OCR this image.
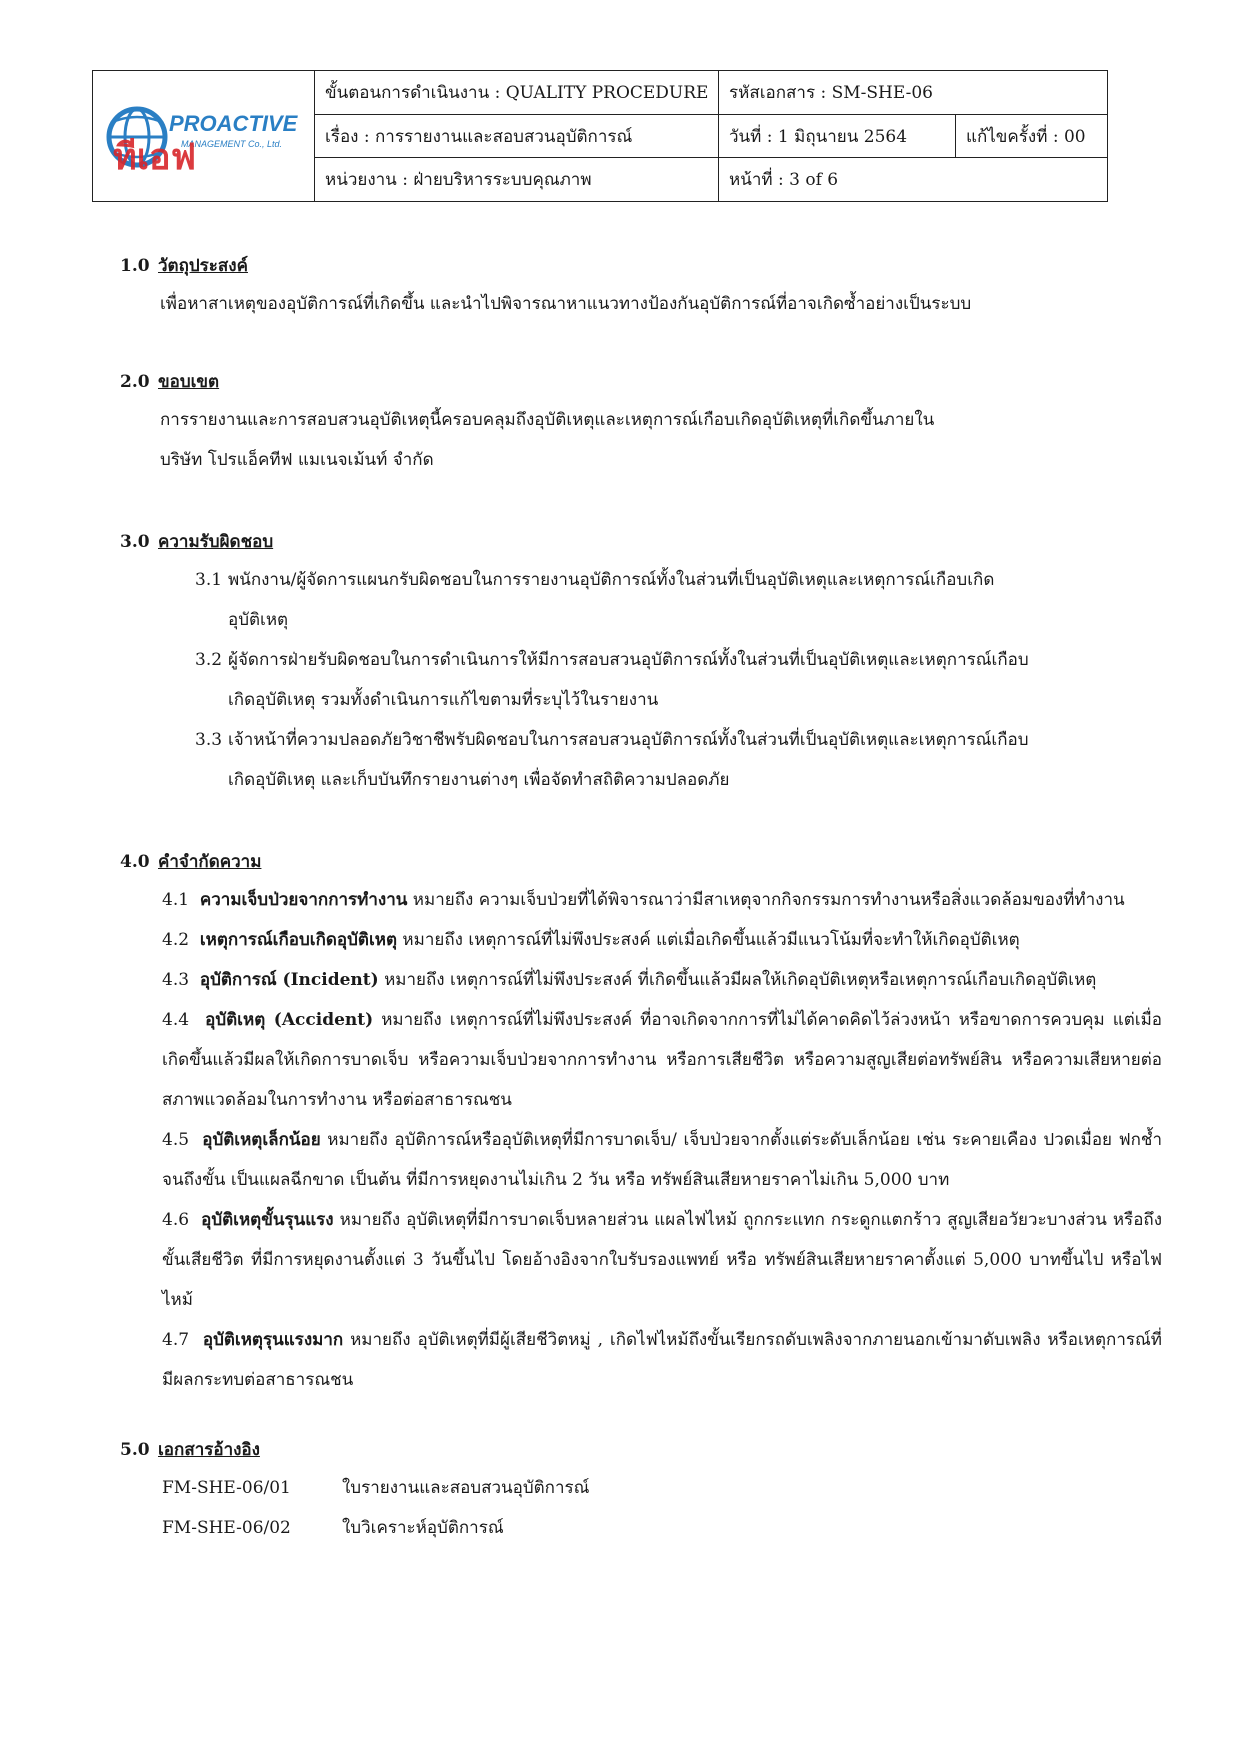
PROACTIVE
MANAGEMENT Co., Ltd.
ทีเอฟ
ขั้นตอนการดำเนินงาน : QUALITY PROCEDURE	รหัสเอกสาร : SM-SHE-06
เรื่อง : การรายงานและสอบสวนอุบัติการณ์	วันที่ : 1 มิถุนายน 2564	แก้ไขครั้งที่ : 00
หน่วยงาน : ฝ่ายบริหารระบบคุณภาพ	หน้าที่ : 3 of 6
1.0 วัตถุประสงค์
เพื่อหาสาเหตุของอุบัติการณ์ที่เกิดขึ้น และนำไปพิจารณาหาแนวทางป้องกันอุบัติการณ์ที่อาจเกิดซ้ำอย่างเป็นระบบ
2.0 ขอบเขต
การรายงานและการสอบสวนอุบัติเหตุนี้ครอบคลุมถึงอุบัติเหตุและเหตุการณ์เกือบเกิดอุบัติเหตุที่เกิดขึ้นภายใน
บริษัท โปรแอ็คทีฟ แมเนจเม้นท์ จำกัด
3.0 ความรับผิดชอบ
3.1 พนักงาน/ผู้จัดการแผนกรับผิดชอบในการรายงานอุบัติการณ์ทั้งในส่วนที่เป็นอุบัติเหตุและเหตุการณ์เกือบเกิด
อุบัติเหตุ
3.2 ผู้จัดการฝ่ายรับผิดชอบในการดำเนินการให้มีการสอบสวนอุบัติการณ์ทั้งในส่วนที่เป็นอุบัติเหตุและเหตุการณ์เกือบ
เกิดอุบัติเหตุ รวมทั้งดำเนินการแก้ไขตามที่ระบุไว้ในรายงาน
3.3 เจ้าหน้าที่ความปลอดภัยวิชาชีพรับผิดชอบในการสอบสวนอุบัติการณ์ทั้งในส่วนที่เป็นอุบัติเหตุและเหตุการณ์เกือบ
เกิดอุบัติเหตุ และเก็บบันทึกรายงานต่างๆ เพื่อจัดทำสถิติความปลอดภัย
4.0 คำจำกัดความ
4.1 ความเจ็บป่วยจากการทำงาน หมายถึง ความเจ็บป่วยที่ได้พิจารณาว่ามีสาเหตุจากกิจกรรมการทำงานหรือสิ่งแวดล้อมของที่ทำงาน
4.2 เหตุการณ์เกือบเกิดอุบัติเหตุ หมายถึง เหตุการณ์ที่ไม่พึงประสงค์ แต่เมื่อเกิดขึ้นแล้วมีแนวโน้มที่จะทำให้เกิดอุบัติเหตุ
4.3 อุบัติการณ์ (Incident) หมายถึง เหตุการณ์ที่ไม่พึงประสงค์ ที่เกิดขึ้นแล้วมีผลให้เกิดอุบัติเหตุหรือเหตุการณ์เกือบเกิดอุบัติเหตุ
4.4 อุบัติเหตุ (Accident) หมายถึง เหตุการณ์ที่ไม่พึงประสงค์ ที่อาจเกิดจากการที่ไม่ได้คาดคิดไว้ล่วงหน้า หรือขาดการควบคุม แต่เมื่อเกิดขึ้นแล้วมีผลให้เกิดการบาดเจ็บ หรือความเจ็บป่วยจากการทำงาน หรือการเสียชีวิต หรือความสูญเสียต่อทรัพย์สิน หรือความเสียหายต่อสภาพแวดล้อมในการทำงาน หรือต่อสาธารณชน
4.5 อุบัติเหตุเล็กน้อย หมายถึง อุบัติการณ์หรืออุบัติเหตุที่มีการบาดเจ็บ/ เจ็บป่วยจากตั้งแต่ระดับเล็กน้อย เช่น ระคายเคือง ปวดเมื่อย ฟกช้ำ จนถึงขั้น เป็นแผลฉีกขาด เป็นต้น ที่มีการหยุดงานไม่เกิน 2 วัน หรือ ทรัพย์สินเสียหายราคาไม่เกิน 5,000 บาท
4.6 อุบัติเหตุขั้นรุนแรง หมายถึง อุบัติเหตุที่มีการบาดเจ็บหลายส่วน แผลไฟไหม้ ถูกกระแทก กระดูกแตกร้าว สูญเสียอวัยวะบางส่วน หรือถึงขั้นเสียชีวิต ที่มีการหยุดงานตั้งแต่ 3 วันขึ้นไป โดยอ้างอิงจากใบรับรองแพทย์ หรือ ทรัพย์สินเสียหายราคาตั้งแต่ 5,000 บาทขึ้นไป หรือไฟไหม้
4.7 อุบัติเหตุรุนแรงมาก หมายถึง อุบัติเหตุที่มีผู้เสียชีวิตหมู่ , เกิดไฟไหม้ถึงขั้นเรียกรถดับเพลิงจากภายนอกเข้ามาดับเพลิง หรือเหตุการณ์ที่มีผลกระทบต่อสาธารณชน
5.0 เอกสารอ้างอิง
FM-SHE-06/01	ใบรายงานและสอบสวนอุบัติการณ์
FM-SHE-06/02	ใบวิเคราะห์อุบัติการณ์
